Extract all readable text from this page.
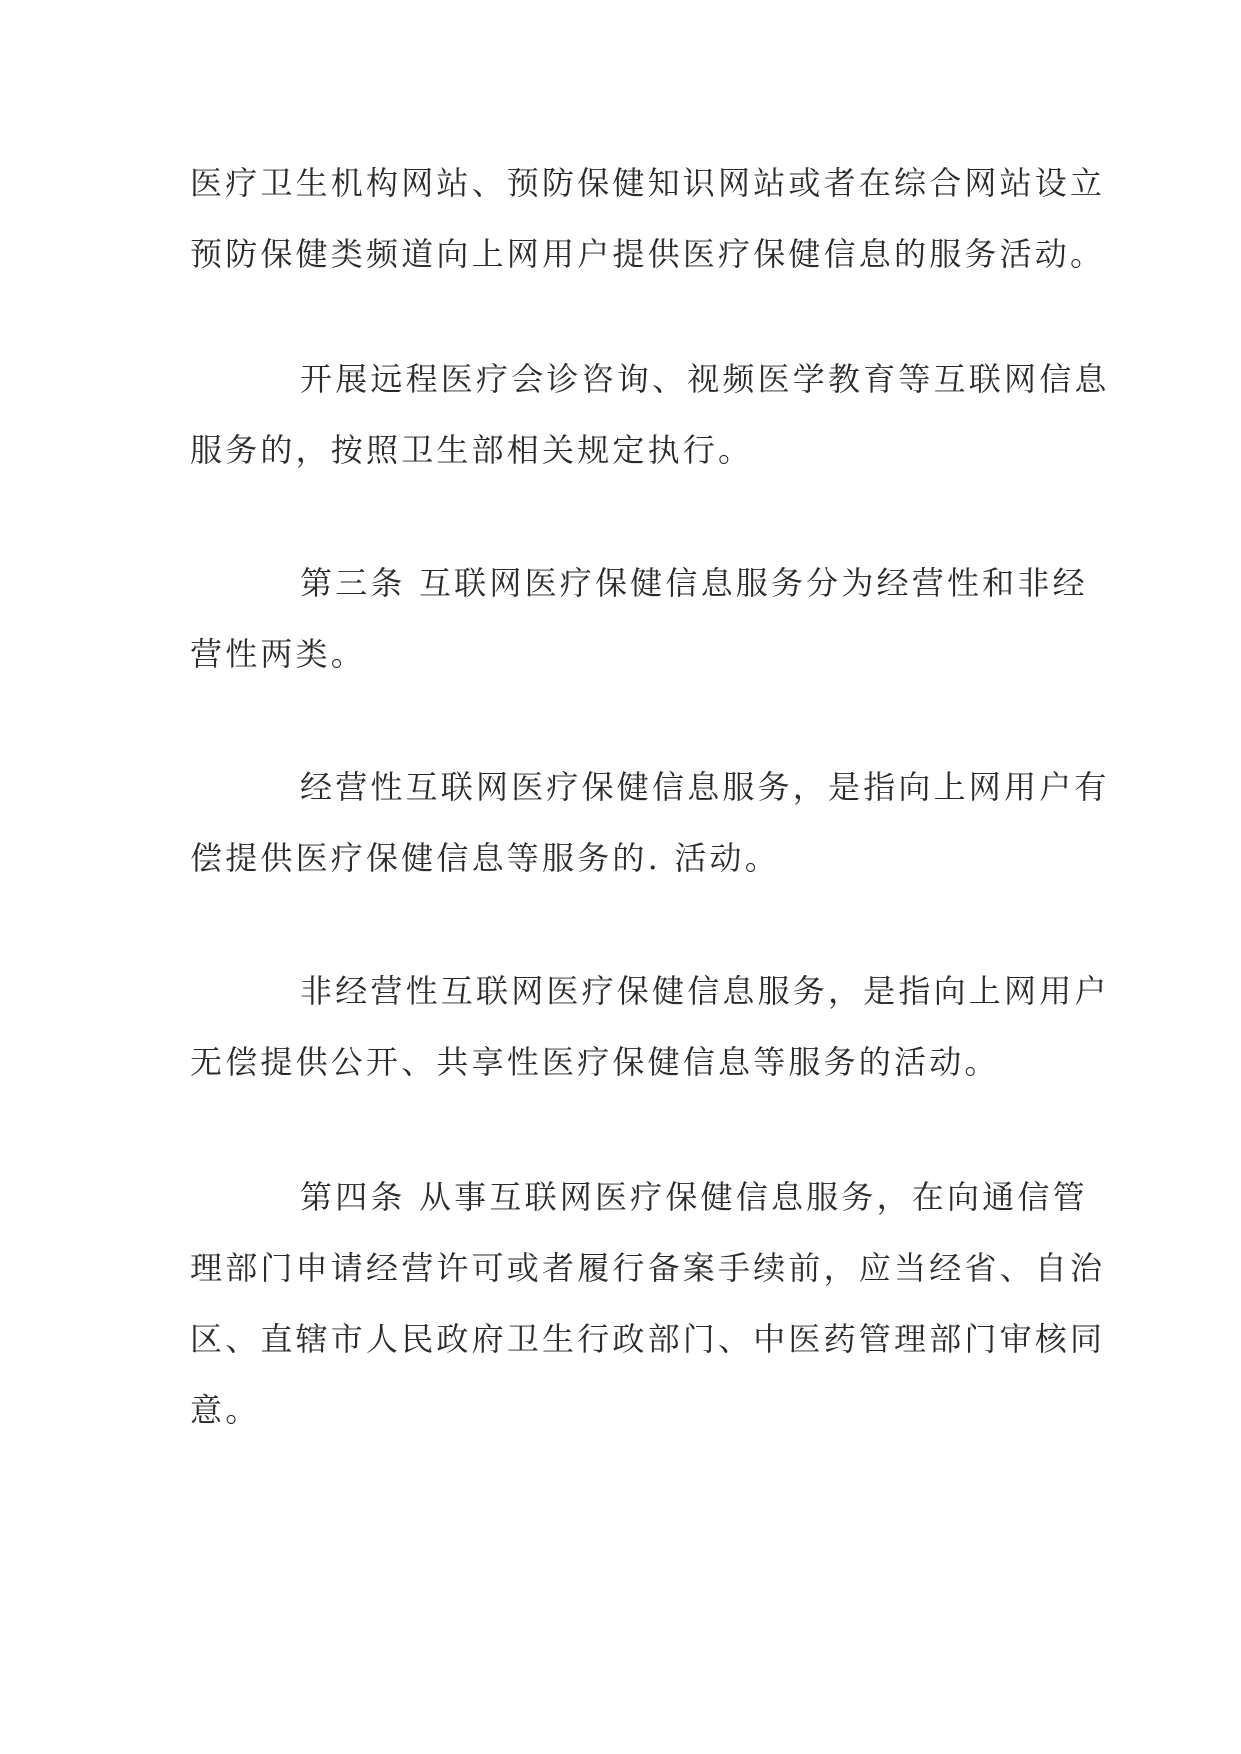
医疗卫生机构网站、预防保健知识网站或者在综合网站设立
预防保健类频道向上网用户提供医疗保健信息的服务活动。

开展远程医疗会诊咨询、视频医学教育等互联网信息
服务的，按照卫生部相关规定执行。

第三条 互联网医疗保健信息服务分为经营性和非经
营性两类。

经营性互联网医疗保健信息服务，是指向上网用户有
偿提供医疗保健信息等服务的. 活动。

非经营性互联网医疗保健信息服务，是指向上网用户
无偿提供公开、共享性医疗保健信息等服务的活动。

第四条 从事互联网医疗保健信息服务，在向通信管
理部门申请经营许可或者履行备案手续前，应当经省、自治
区、直辖市人民政府卫生行政部门、中医药管理部门审核同
意。
